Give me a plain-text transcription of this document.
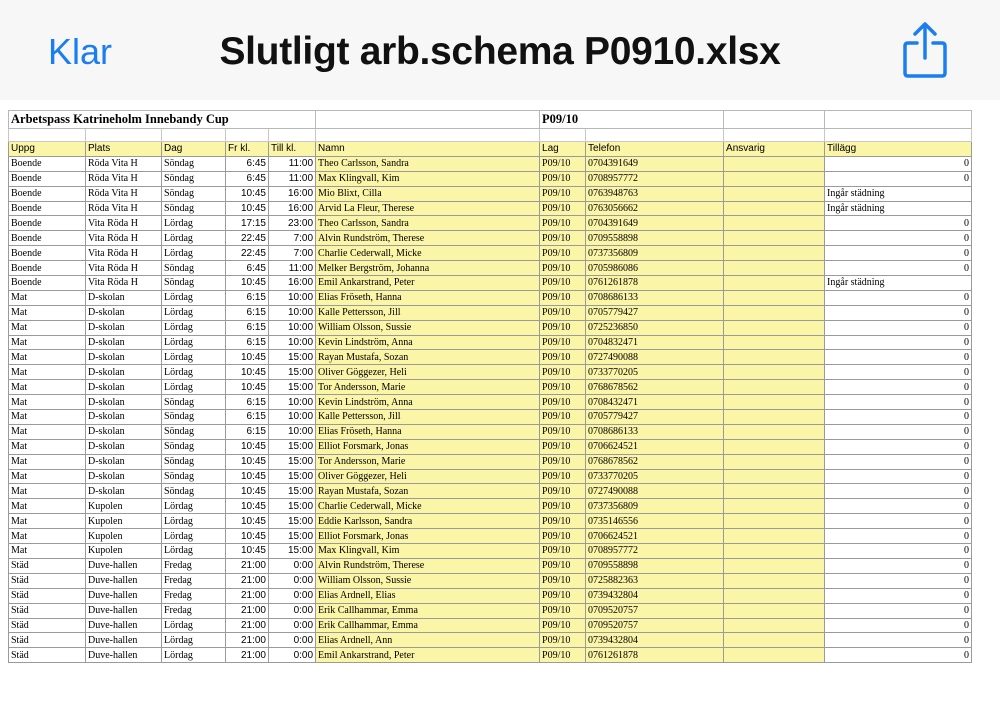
Klar	Slutligt arb.schema P0910.xlsx
Arbetspass Katrineholm Innebandy Cup						P09/10			

Uppg	Plats	Dag	Fr kl.	Till kl.	Namn	Lag	Telefon	Ansvarig	Tillägg
Boende	Röda Vita H	Söndag	6:45	11:00	Theo Carlsson, Sandra	P09/10	0704391649		0
Boende	Röda Vita H	Söndag	6:45	11:00	Max Klingvall, Kim	P09/10	0708957772		0
Boende	Röda Vita H	Söndag	10:45	16:00	Mio Blixt, Cilla	P09/10	0763948763		Ingår städning
Boende	Röda Vita H	Söndag	10:45	16:00	Arvid La Fleur, Therese	P09/10	0763056662		Ingår städning
Boende	Vita Röda H	Lördag	17:15	23:00	Theo Carlsson, Sandra	P09/10	0704391649		0
Boende	Vita Röda H	Lördag	22:45	7:00	Alvin Rundström, Therese	P09/10	0709558898		0
Boende	Vita Röda H	Lördag	22:45	7:00	Charlie Cederwall, Micke	P09/10	0737356809		0
Boende	Vita Röda H	Söndag	6:45	11:00	Melker Bergström, Johanna	P09/10	0705986086		0
Boende	Vita Röda H	Söndag	10:45	16:00	Emil Ankarstrand, Peter	P09/10	0761261878		Ingår städning
Mat	D-skolan	Lördag	6:15	10:00	Elias Fröseth, Hanna	P09/10	0708686133		0
Mat	D-skolan	Lördag	6:15	10:00	Kalle Pettersson, Jill	P09/10	0705779427		0
Mat	D-skolan	Lördag	6:15	10:00	William Olsson, Sussie	P09/10	0725236850		0
Mat	D-skolan	Lördag	6:15	10:00	Kevin Lindström, Anna	P09/10	0704832471		0
Mat	D-skolan	Lördag	10:45	15:00	Rayan Mustafa, Sozan	P09/10	0727490088		0
Mat	D-skolan	Lördag	10:45	15:00	Oliver Göggezer, Heli	P09/10	0733770205		0
Mat	D-skolan	Lördag	10:45	15:00	Tor Andersson, Marie	P09/10	0768678562		0
Mat	D-skolan	Söndag	6:15	10:00	Kevin Lindström, Anna	P09/10	0708432471		0
Mat	D-skolan	Söndag	6:15	10:00	Kalle Pettersson, Jill	P09/10	0705779427		0
Mat	D-skolan	Söndag	6:15	10:00	Elias Fröseth, Hanna	P09/10	0708686133		0
Mat	D-skolan	Söndag	10:45	15:00	Elliot Forsmark, Jonas	P09/10	0706624521		0
Mat	D-skolan	Söndag	10:45	15:00	Tor Andersson, Marie	P09/10	0768678562		0
Mat	D-skolan	Söndag	10:45	15:00	Oliver Göggezer, Heli	P09/10	0733770205		0
Mat	D-skolan	Söndag	10:45	15:00	Rayan Mustafa, Sozan	P09/10	0727490088		0
Mat	Kupolen	Lördag	10:45	15:00	Charlie Cederwall, Micke	P09/10	0737356809		0
Mat	Kupolen	Lördag	10:45	15:00	Eddie Karlsson, Sandra	P09/10	0735146556		0
Mat	Kupolen	Lördag	10:45	15:00	Elliot Forsmark, Jonas	P09/10	0706624521		0
Mat	Kupolen	Lördag	10:45	15:00	Max Klingvall, Kim	P09/10	0708957772		0
Städ	Duve-hallen	Fredag	21:00	0:00	Alvin Rundström, Therese	P09/10	0709558898		0
Städ	Duve-hallen	Fredag	21:00	0:00	William Olsson, Sussie	P09/10	0725882363		0
Städ	Duve-hallen	Fredag	21:00	0:00	Elias Ardnell, Elias	P09/10	0739432804		0
Städ	Duve-hallen	Fredag	21:00	0:00	Erik Callhammar, Emma	P09/10	0709520757		0
Städ	Duve-hallen	Lördag	21:00	0:00	Erik Callhammar, Emma	P09/10	0709520757		0
Städ	Duve-hallen	Lördag	21:00	0:00	Elias Ardnell, Ann	P09/10	0739432804		0
Städ	Duve-hallen	Lördag	21:00	0:00	Emil Ankarstrand, Peter	P09/10	0761261878		0
